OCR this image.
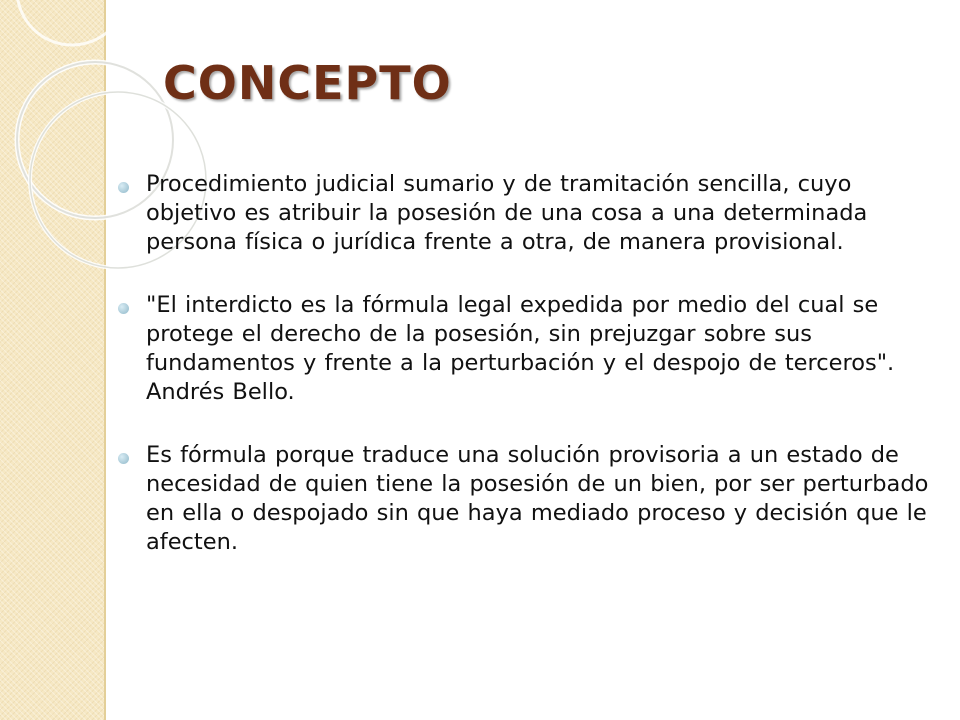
CONCEPTO

Procedimiento judicial sumario y de tramitación sencilla, cuyo objetivo es atribuir la posesión de una cosa a una determinada persona física o jurídica frente a otra, de manera provisional.

"El interdicto es la fórmula legal expedida por medio del cual se protege el derecho de la posesión, sin prejuzgar sobre sus fundamentos y frente a la perturbación y el despojo de terceros". Andrés Bello.

Es fórmula porque traduce una solución provisoria a un estado de necesidad de quien tiene la posesión de un bien, por ser perturbado en ella o despojado sin que haya mediado proceso y decisión que le afecten.
